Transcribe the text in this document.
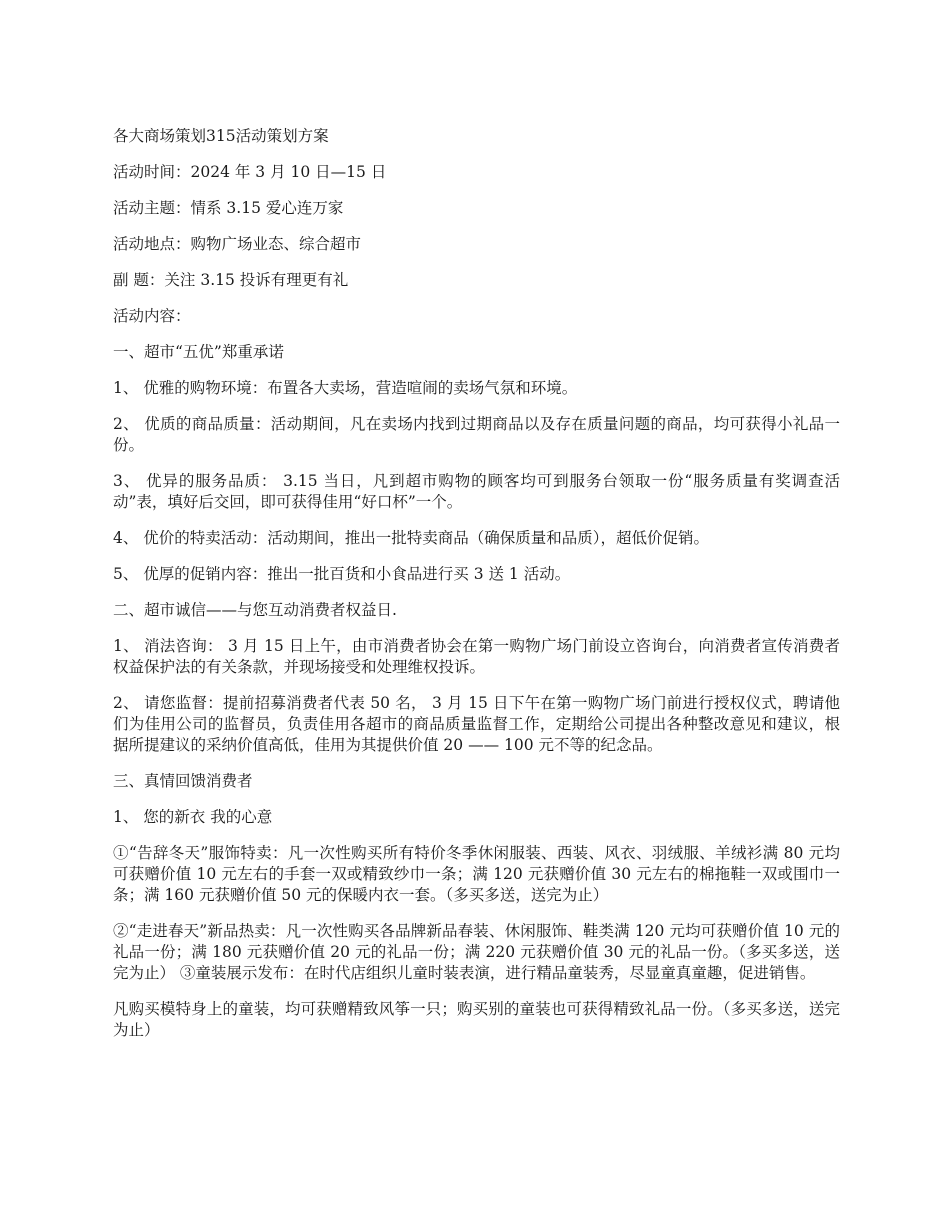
各大商场策划315活动策划方案

活动时间：2024 年 3 月 10 日—15 日

活动主题：情系 3.15 爱心连万家

活动地点：购物广场业态、综合超市

副 题：关注 3.15 投诉有理更有礼

活动内容：

一、超市“五优”郑重承诺

1、 优雅的购物环境：布置各大卖场，营造喧闹的卖场气氛和环境。

2、 优质的商品质量：活动期间，凡在卖场内找到过期商品以及存在质量问题的商品，均可获得小礼品一份。

3、 优异的服务品质： 3.15 当日，凡到超市购物的顾客均可到服务台领取一份“服务质量有奖调查活动”表，填好后交回，即可获得佳用“好口杯”一个。

4、 优价的特卖活动：活动期间，推出一批特卖商品（确保质量和品质），超低价促销。

5、 优厚的促销内容：推出一批百货和小食品进行买 3 送 1 活动。

二、超市诚信——与您互动消费者权益日.

1、 消法咨询： 3 月 15 日上午，由市消费者协会在第一购物广场门前设立咨询台，向消费者宣传消费者权益保护法的有关条款，并现场接受和处理维权投诉。

2、 请您监督：提前招募消费者代表 50 名， 3 月 15 日下午在第一购物广场门前进行授权仪式，聘请他们为佳用公司的监督员，负责佳用各超市的商品质量监督工作，定期给公司提出各种整改意见和建议，根据所提建议的采纳价值高低，佳用为其提供价值 20 —— 100 元不等的纪念品。

三、真情回馈消费者

1、 您的新衣 我的心意

①“告辞冬天”服饰特卖：凡一次性购买所有特价冬季休闲服装、西装、风衣、羽绒服、羊绒衫满 80 元均可获赠价值 10 元左右的手套一双或精致纱巾一条；满 120 元获赠价值 30 元左右的棉拖鞋一双或围巾一条；满 160 元获赠价值 50 元的保暖内衣一套。（多买多送，送完为止）

②“走进春天”新品热卖：凡一次性购买各品牌新品春装、休闲服饰、鞋类满 120 元均可获赠价值 10 元的礼品一份；满 180 元获赠价值 20 元的礼品一份；满 220 元获赠价值 30 元的礼品一份。（多买多送，送完为止） ③童装展示发布：在时代店组织儿童时装表演，进行精品童装秀，尽显童真童趣，促进销售。

凡购买模特身上的童装，均可获赠精致风筝一只；购买别的童装也可获得精致礼品一份。（多买多送，送完为止）
